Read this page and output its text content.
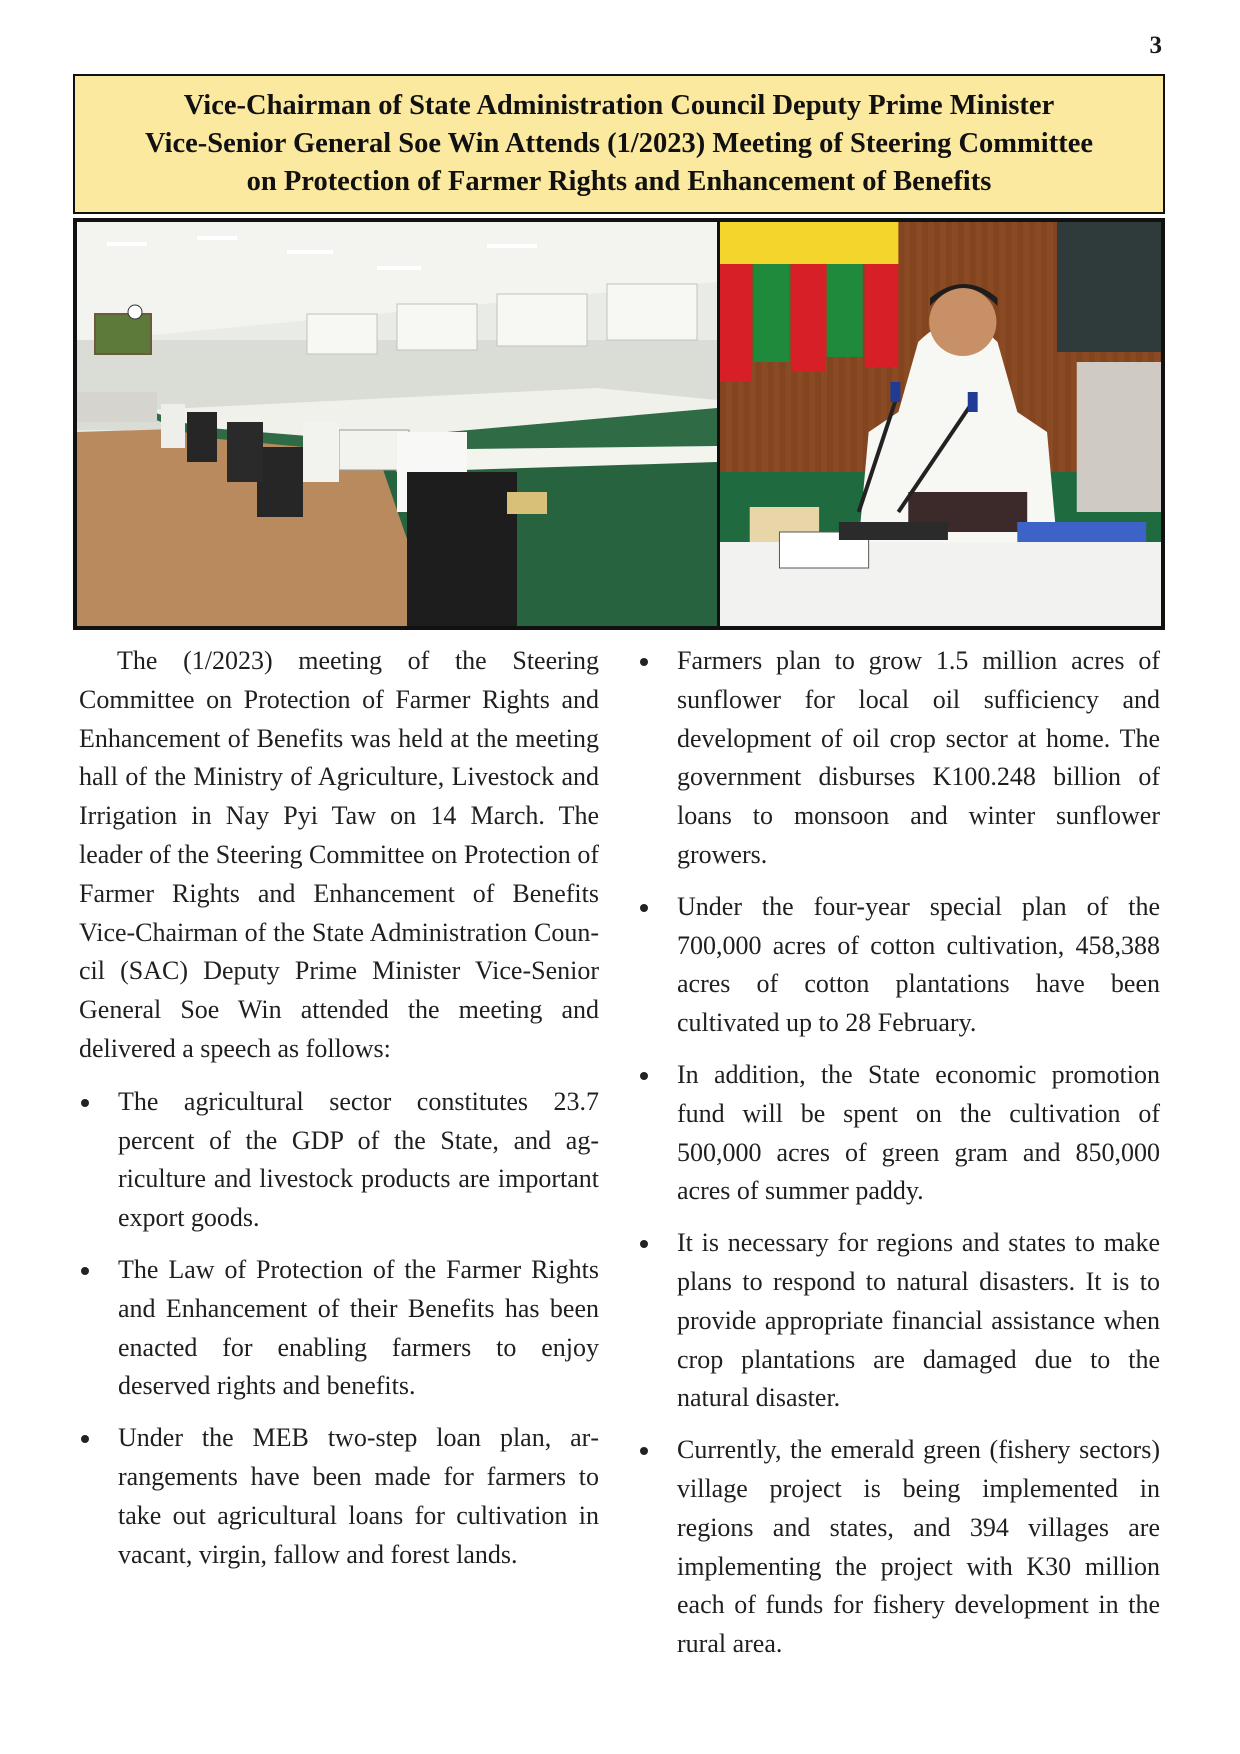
3
Vice-Chairman of State Administration Council Deputy Prime Minister
Vice-Senior General Soe Win Attends (1/2023) Meeting of Steering Committee
on Protection of Farmer Rights and Enhancement of Benefits

The (1/2023) meeting of the Steering Committee on Protection of Farmer Rights and Enhancement of Benefits was held at the meeting hall of the Ministry of Agriculture, Livestock and Irrigation in Nay Pyi Taw on 14 March. The leader of the Steering Committee on Protection of Farmer Rights and Enhancement of Benefits Vice-Chairman of the State Administration Council (SAC) Deputy Prime Minister Vice-Senior General Soe Win attended the meeting and delivered a speech as follows:

The agricultural sector constitutes 23.7 percent of the GDP of the State, and agriculture and livestock products are important export goods.
The Law of Protection of the Farmer Rights and Enhancement of their Benefits has been enacted for enabling farmers to enjoy deserved rights and benefits.
Under the MEB two-step loan plan, arrangements have been made for farmers to take out agricultural loans for cultivation in vacant, virgin, fallow and forest lands.
Farmers plan to grow 1.5 million acres of sunflower for local oil sufficiency and development of oil crop sector at home. The government disburses K100.248 billion of loans to monsoon and winter sunflower growers.
Under the four-year special plan of the 700,000 acres of cotton cultivation, 458,388 acres of cotton plantations have been cultivated up to 28 February.
In addition, the State economic promotion fund will be spent on the cultivation of 500,000 acres of green gram and 850,000 acres of summer paddy.
It is necessary for regions and states to make plans to respond to natural disasters. It is to provide appropriate financial assistance when crop plantations are damaged due to the natural disaster.
Currently, the emerald green (fishery sectors) village project is being implemented in regions and states, and 394 villages are implementing the project with K30 million each of funds for fishery development in the rural area.
